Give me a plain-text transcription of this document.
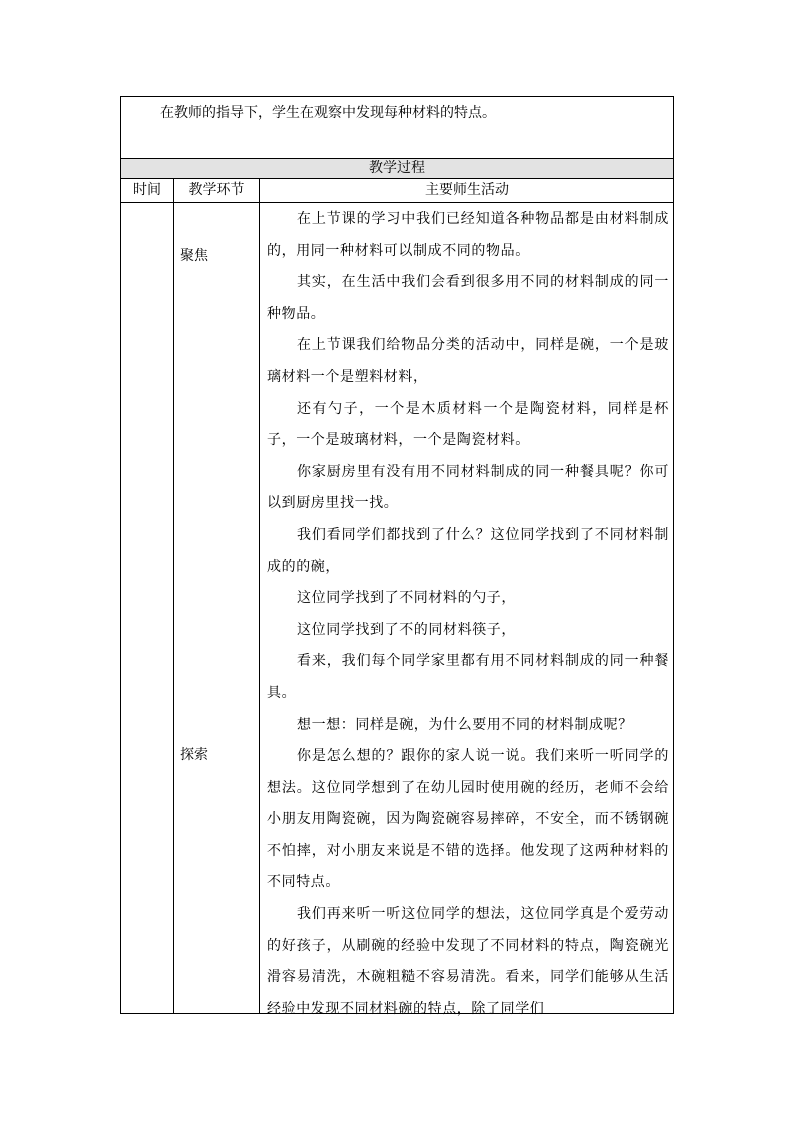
在教师的指导下，学生在观察中发现每种材料的特点。
教学过程
时间	教学环节	主要师生活动
聚焦
探索

在上节课的学习中我们已经知道各种物品都是由材料制成的，用同一种材料可以制成不同的物品。

其实，在生活中我们会看到很多用不同的材料制成的同一种物品。

在上节课我们给物品分类的活动中，同样是碗，一个是玻璃材料一个是塑料材料，

还有勺子，一个是木质材料一个是陶瓷材料，同样是杯子，一个是玻璃材料，一个是陶瓷材料。

你家厨房里有没有用不同材料制成的同一种餐具呢？你可以到厨房里找一找。

我们看同学们都找到了什么？这位同学找到了不同材料制成的的碗，

这位同学找到了不同材料的勺子，

这位同学找到了不的同材料筷子，

看来，我们每个同学家里都有用不同材料制成的同一种餐具。

想一想：同样是碗，为什么要用不同的材料制成呢？

你是怎么想的？跟你的家人说一说。我们来听一听同学的想法。这位同学想到了在幼儿园时使用碗的经历，老师不会给小朋友用陶瓷碗，因为陶瓷碗容易摔碎，不安全，而不锈钢碗不怕摔，对小朋友来说是不错的选择。他发现了这两种材料的不同特点。

我们再来听一听这位同学的想法，这位同学真是个爱劳动的好孩子，从刷碗的经验中发现了不同材料的特点，陶瓷碗光滑容易清洗，木碗粗糙不容易清洗。看来，同学们能够从生活经验中发现不同材料碗的特点，除了同学们
